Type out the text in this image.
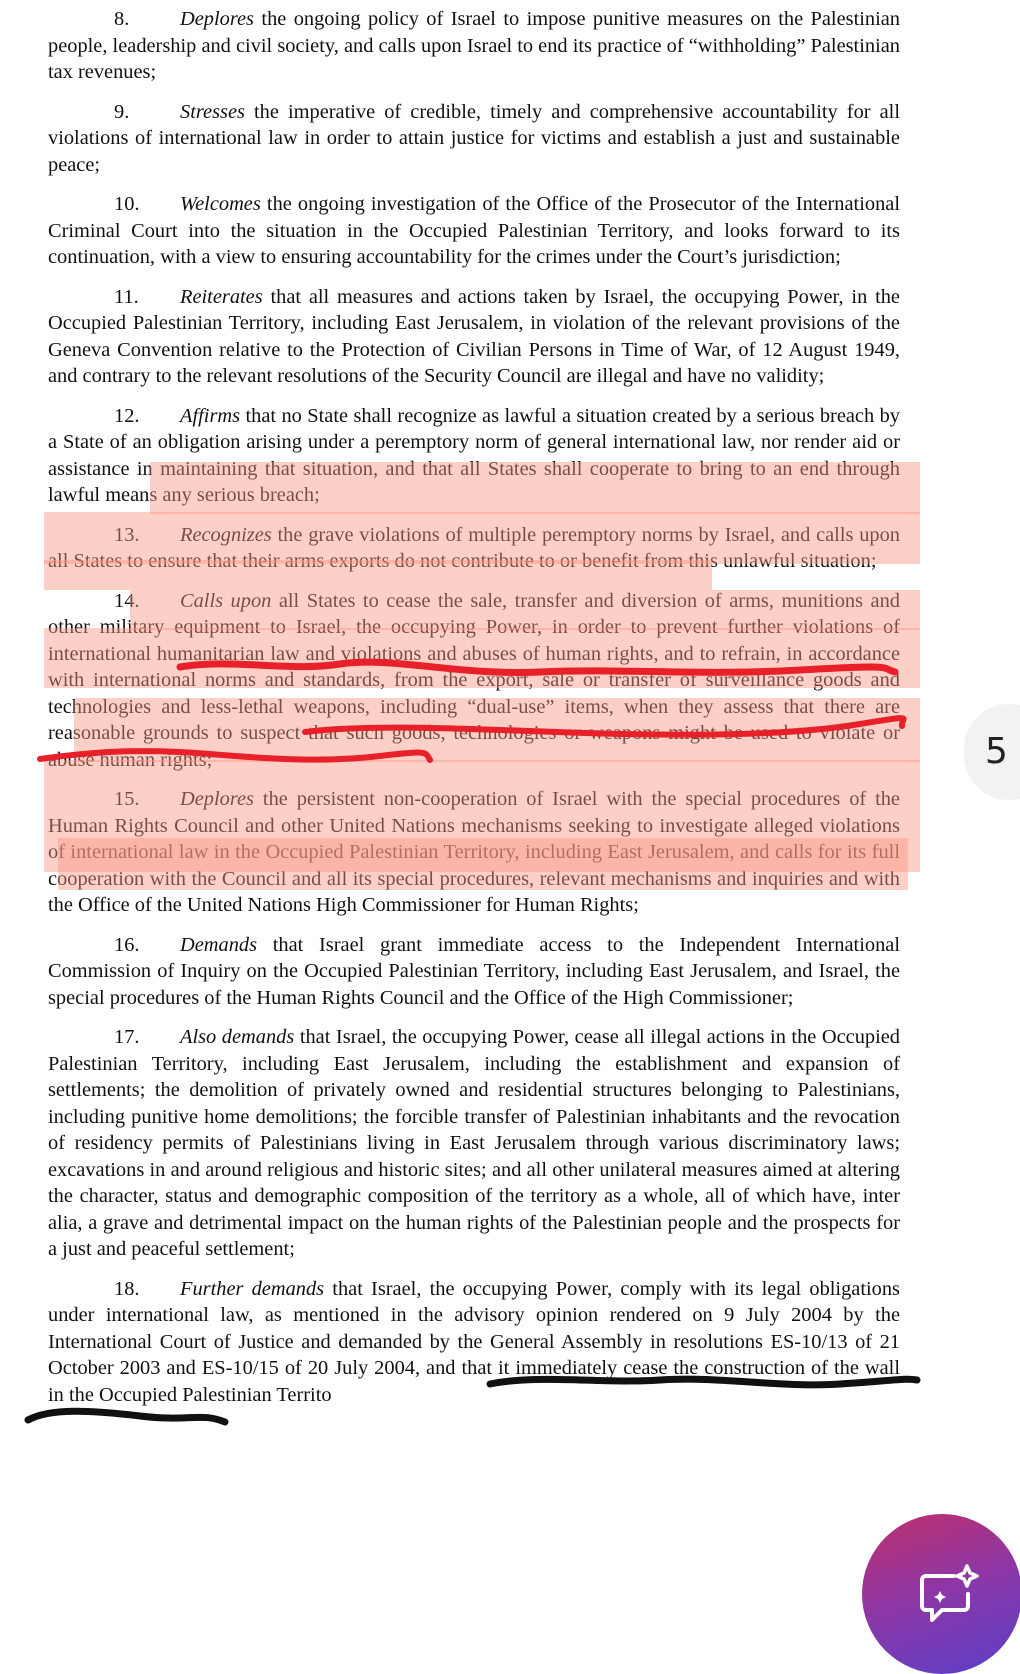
8. Deplores the ongoing policy of Israel to impose punitive measures on the Palestinian people, leadership and civil society, and calls upon Israel to end its practice of “withholding” Palestinian tax revenues;

9. Stresses the imperative of credible, timely and comprehensive accountability for all violations of international law in order to attain justice for victims and establish a just and sustainable peace;

10. Welcomes the ongoing investigation of the Office of the Prosecutor of the International Criminal Court into the situation in the Occupied Palestinian Territory, and looks forward to its continuation, with a view to ensuring accountability for the crimes under the Court’s jurisdiction;

11. Reiterates that all measures and actions taken by Israel, the occupying Power, in the Occupied Palestinian Territory, including East Jerusalem, in violation of the relevant provisions of the Geneva Convention relative to the Protection of Civilian Persons in Time of War, of 12 August 1949, and contrary to the relevant resolutions of the Security Council are illegal and have no validity;

12. Affirms that no State shall recognize as lawful a situation created by a serious breach by a State of an obligation arising under a peremptory norm of general international law, nor render aid or assistance in maintaining that situation, and that all States shall cooperate to bring to an end through lawful means any serious breach;

13. Recognizes the grave violations of multiple peremptory norms by Israel, and calls upon all States to ensure that their arms exports do not contribute to or benefit from this unlawful situation;

14. Calls upon all States to cease the sale, transfer and diversion of arms, munitions and other military equipment to Israel, the occupying Power, in order to prevent further violations of international humanitarian law and violations and abuses of human rights, and to refrain, in accordance with international norms and standards, from the export, sale or transfer of surveillance goods and technologies and less-lethal weapons, including “dual-use” items, when they assess that there are reasonable grounds to suspect that such goods, technologies or weapons might be used to violate or abuse human rights;

15. Deplores the persistent non-cooperation of Israel with the special procedures of the Human Rights Council and other United Nations mechanisms seeking to investigate alleged violations of international law in the Occupied Palestinian Territory, including East Jerusalem, and calls for its full cooperation with the Council and all its special procedures, relevant mechanisms and inquiries and with the Office of the United Nations High Commissioner for Human Rights;

16. Demands that Israel grant immediate access to the Independent International Commission of Inquiry on the Occupied Palestinian Territory, including East Jerusalem, and Israel, the special procedures of the Human Rights Council and the Office of the High Commissioner;

17. Also demands that Israel, the occupying Power, cease all illegal actions in the Occupied Palestinian Territory, including East Jerusalem, including the establishment and expansion of settlements; the demolition of privately owned and residential structures belonging to Palestinians, including punitive home demolitions; the forcible transfer of Palestinian inhabitants and the revocation of residency permits of Palestinians living in East Jerusalem through various discriminatory laws; excavations in and around religious and historic sites; and all other unilateral measures aimed at altering the character, status and demographic composition of the territory as a whole, all of which have, inter alia, a grave and detrimental impact on the human rights of the Palestinian people and the prospects for a just and peaceful settlement;

18. Further demands that Israel, the occupying Power, comply with its legal obligations under international law, as mentioned in the advisory opinion rendered on 9 July 2004 by the International Court of Justice and demanded by the General Assembly in resolutions ES-10/13 of 21 October 2003 and ES-10/15 of 20 July 2004, and that it immediately cease the construction of the wall in the Occupied Palestinian Territo

5
